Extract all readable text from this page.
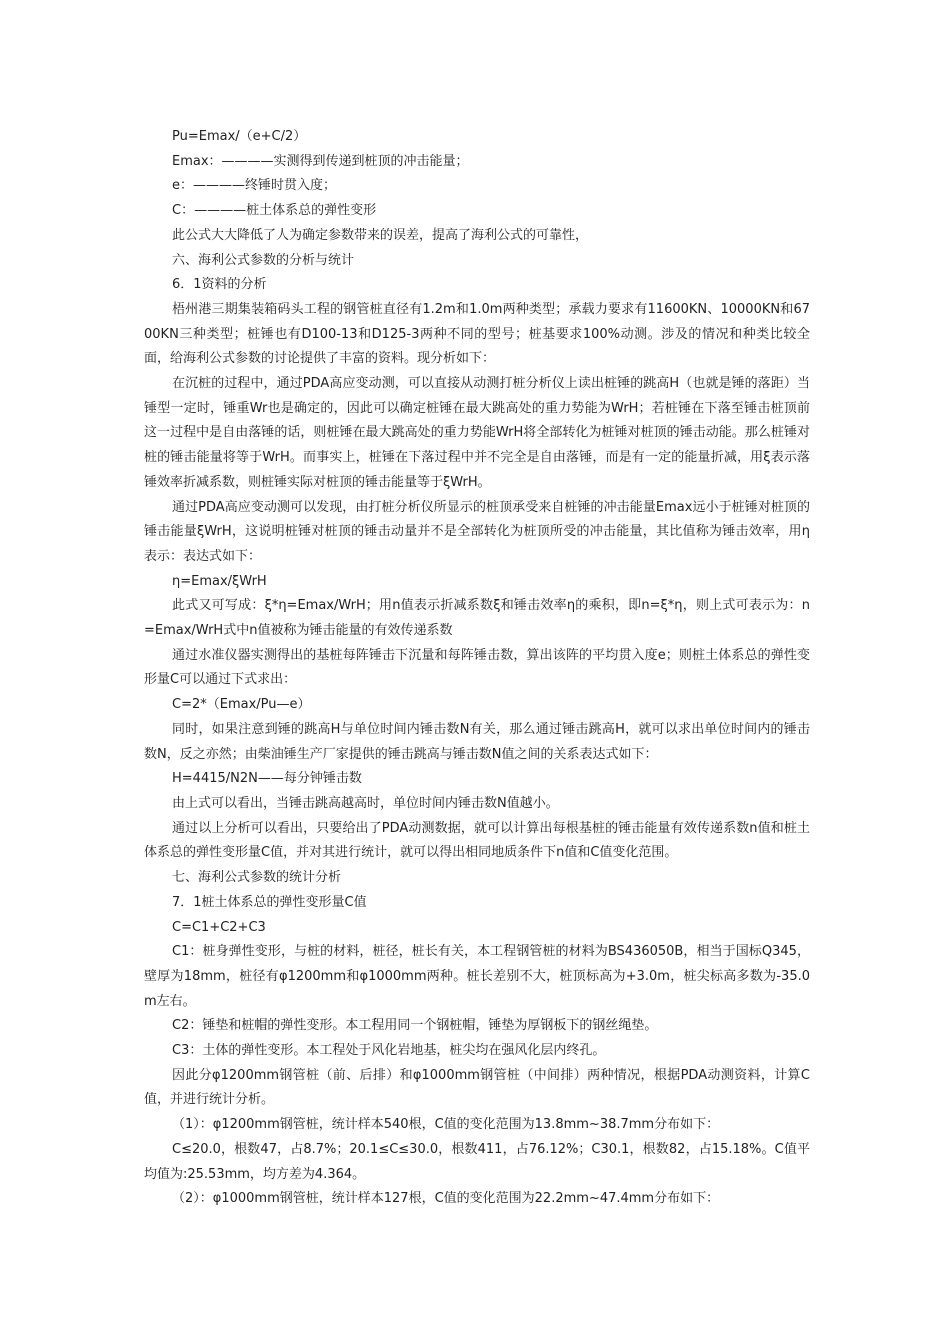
Pu=Emax/（e+C/2）

Emax：————实测得到传递到桩顶的冲击能量；

e：————终锤时贯入度；

C：————桩土体系总的弹性变形

此公式大大降低了人为确定参数带来的误差，提高了海利公式的可靠性，

六、海利公式参数的分析与统计

6．1资料的分析

梧州港三期集装箱码头工程的钢管桩直径有1.2m和1.0m两种类型；承载力要求有11600KN、10000KN和6700KN三种类型；桩锤也有D100-13和D125-3两种不同的型号；桩基要求100%动测。涉及的情况和种类比较全面，给海利公式参数的讨论提供了丰富的资料。现分析如下：

在沉桩的过程中，通过PDA高应变动测，可以直接从动测打桩分析仪上读出桩锤的跳高H（也就是锤的落距）当锤型一定时，锤重Wr也是确定的，因此可以确定桩锤在最大跳高处的重力势能为WrH；若桩锤在下落至锤击桩顶前这一过程中是自由落锤的话，则桩锤在最大跳高处的重力势能WrH将全部转化为桩锤对桩顶的锤击动能。那么桩锤对桩的锤击能量将等于WrH。而事实上，桩锤在下落过程中并不完全是自由落锤，而是有一定的能量折减，用ξ表示落锤效率折减系数，则桩锤实际对桩顶的锤击能量等于ξWrH。

通过PDA高应变动测可以发现，由打桩分析仪所显示的桩顶承受来自桩锤的冲击能量Emax远小于桩锤对桩顶的锤击能量ξWrH，这说明桩锤对桩顶的锤击动量并不是全部转化为桩顶所受的冲击能量，其比值称为锤击效率，用η表示：表达式如下：

η=Emax/ξWrH

此式又可写成：ξ*η=Emax/WrH；用n值表示折减系数ξ和锤击效率η的乘积，即n=ξ*η，则上式可表示为：n=Emax/WrH式中n值被称为锤击能量的有效传递系数

通过水准仪器实测得出的基桩每阵锤击下沉量和每阵锤击数，算出该阵的平均贯入度e；则桩土体系总的弹性变形量C可以通过下式求出：

C=2*（Emax/Pu—e）

同时，如果注意到锤的跳高H与单位时间内锤击数N有关，那么通过锤击跳高H，就可以求出单位时间内的锤击数N，反之亦然；由柴油锤生产厂家提供的锤击跳高与锤击数N值之间的关系表达式如下：

H=4415/N2N——每分钟锤击数

由上式可以看出，当锤击跳高越高时，单位时间内锤击数N值越小。

通过以上分析可以看出，只要给出了PDA动测数据，就可以计算出每根基桩的锤击能量有效传递系数n值和桩土体系总的弹性变形量C值，并对其进行统计，就可以得出相同地质条件下n值和C值变化范围。

七、海利公式参数的统计分析

7．1桩土体系总的弹性变形量C值

C=C1+C2+C3

C1：桩身弹性变形，与桩的材料，桩径，桩长有关，本工程钢管桩的材料为BS436050B，相当于国标Q345，壁厚为18mm，桩径有φ1200mm和φ1000mm两种。桩长差别不大，桩顶标高为+3.0m，桩尖标高多数为-35.0m左右。

C2：锤垫和桩帽的弹性变形。本工程用同一个钢桩帽，锤垫为厚钢板下的钢丝绳垫。

C3：土体的弹性变形。本工程处于风化岩地基，桩尖均在强风化层内终孔。

因此分φ1200mm钢管桩（前、后排）和φ1000mm钢管桩（中间排）两种情况，根据PDA动测资料，计算C值，并进行统计分析。

（1）：φ1200mm钢管桩，统计样本540根，C值的变化范围为13.8mm~38.7mm分布如下：

C≤20.0，根数47，占8.7%；20.1≤C≤30.0，根数411，占76.12%；C30.1，根数82，占15.18%。C值平均值为:25.53mm，均方差为4.364。

（2）：φ1000mm钢管桩，统计样本127根，C值的变化范围为22.2mm~47.4mm分布如下：
